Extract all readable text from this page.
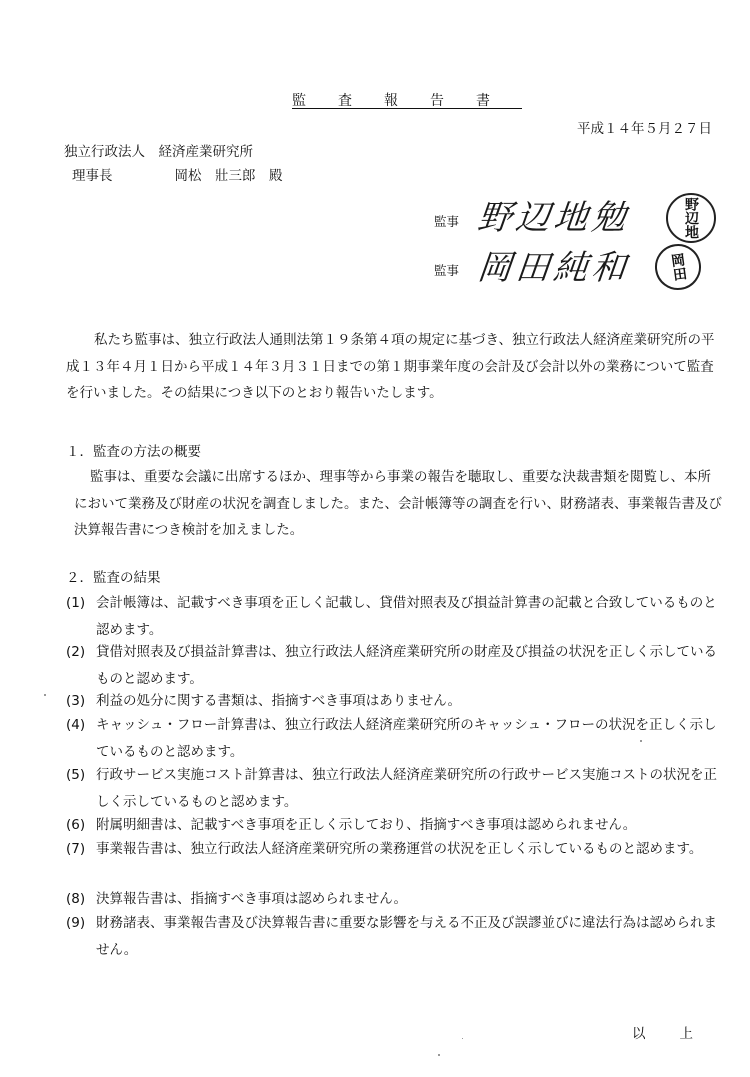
監査報告書
平成１４年５月２７日
独立行政法人　経済産業研究所
理事長	岡松　壯三郎　殿
監事 野辺地勉	野辺地
監事 岡田純和	岡田
私たち監事は、独立行政法人通則法第１９条第４項の規定に基づき、独立行政法人経済産業研究所の平成１３年４月１日から平成１４年３月３１日までの第１期事業年度の会計及び会計以外の業務について監査を行いました。その結果につき以下のとおり報告いたします。
１．監査の方法の概要
監事は、重要な会議に出席するほか、理事等から事業の報告を聴取し、重要な決裁書類を閲覧し、本所において業務及び財産の状況を調査しました。また、会計帳簿等の調査を行い、財務諸表、事業報告書及び決算報告書につき検討を加えました。
２．監査の結果
(1) 会計帳簿は、記載すべき事項を正しく記載し、貸借対照表及び損益計算書の記載と合致しているものと認めます。
(2) 貸借対照表及び損益計算書は、独立行政法人経済産業研究所の財産及び損益の状況を正しく示しているものと認めます。
(3) 利益の処分に関する書類は、指摘すべき事項はありません。
(4) キャッシュ・フロー計算書は、独立行政法人経済産業研究所のキャッシュ・フローの状況を正しく示しているものと認めます。
(5) 行政サービス実施コスト計算書は、独立行政法人経済産業研究所の行政サービス実施コストの状況を正しく示しているものと認めます。
(6) 附属明細書は、記載すべき事項を正しく示しており、指摘すべき事項は認められません。
(7) 事業報告書は、独立行政法人経済産業研究所の業務運営の状況を正しく示しているものと認めます。
(8) 決算報告書は、指摘すべき事項は認められません。
(9) 財務諸表、事業報告書及び決算報告書に重要な影響を与える不正及び誤謬並びに違法行為は認められません。
以上
